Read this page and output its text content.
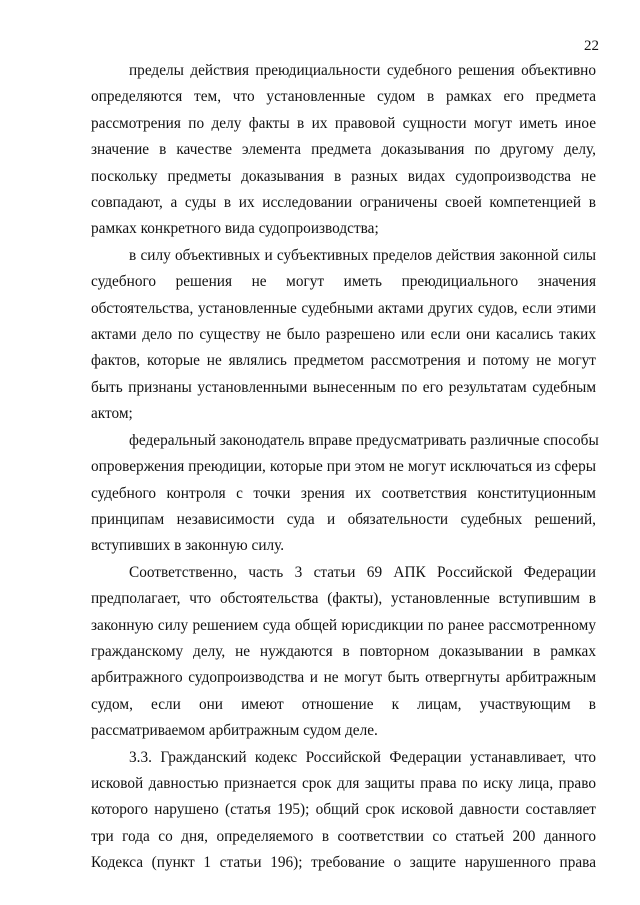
22

пределы действия преюдициальности судебного решения объективно
определяются тем, что установленные судом в рамках его предмета
рассмотрения по делу факты в их правовой сущности могут иметь иное
значение в качестве элемента предмета доказывания по другому делу,
поскольку предметы доказывания в разных видах судопроизводства не
совпадают, а суды в их исследовании ограничены своей компетенцией в
рамках конкретного вида судопроизводства;

в силу объективных и субъективных пределов действия законной силы
судебного решения не могут иметь преюдициального значения
обстоятельства, установленные судебными актами других судов, если этими
актами дело по существу не было разрешено или если они касались таких
фактов, которые не являлись предметом рассмотрения и потому не могут
быть признаны установленными вынесенным по его результатам судебным
актом;

федеральный законодатель вправе предусматривать различные способы
опровержения преюдиции, которые при этом не могут исключаться из сферы
судебного контроля с точки зрения их соответствия конституционным
принципам независимости суда и обязательности судебных решений,
вступивших в законную силу.

Соответственно, часть 3 статьи 69 АПК Российской Федерации
предполагает, что обстоятельства (факты), установленные вступившим в
законную силу решением суда общей юрисдикции по ранее рассмотренному
гражданскому делу, не нуждаются в повторном доказывании в рамках
арбитражного судопроизводства и не могут быть отвергнуты арбитражным
судом, если они имеют отношение к лицам, участвующим в
рассматриваемом арбитражным судом деле.

3.3. Гражданский кодекс Российской Федерации устанавливает, что
исковой давностью признается срок для защиты права по иску лица, право
которого нарушено (статья 195); общий срок исковой давности составляет
три года со дня, определяемого в соответствии со статьей 200 данного
Кодекса (пункт 1 статьи 196); требование о защите нарушенного права
